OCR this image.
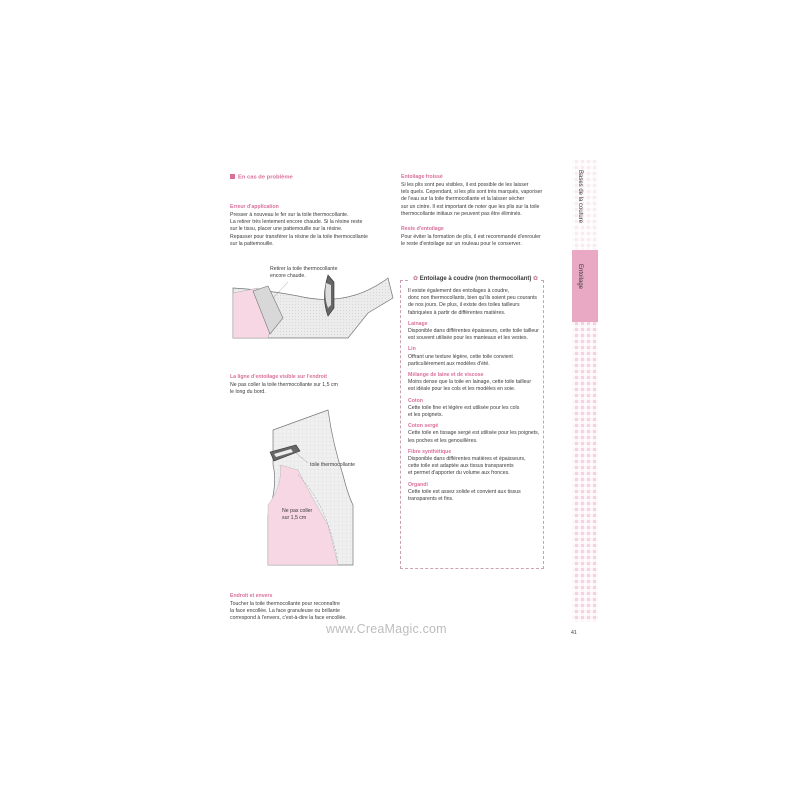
En cas de problème
Erreur d'application

Presser à nouveau le fer sur la toile thermocollante.

La retirer très lentement encore chaude. Si la résine reste

sur le tissu, placer une pattemouille sur la résine.

Repasser pour transférer la résine de la toile thermocollante

sur la pattemouille.

Retirer la toile thermocollante
encore chaude.
La ligne d'entoilage visible sur l'endroit

Ne pas coller la toile thermocollante sur 1,5 cm

le long du bord.

toile thermocollante
Ne pas coller
sur 1,5 cm
Endroit et envers

Toucher la toile thermocollante pour reconnaître

la face encollée. La face granuleuse ou brillante

correspond à l'envers, c'est-à-dire la face encollée.

Entoilage froissé

Si les plis sont peu visibles, il est possible de les laisser

tels quels. Cependant, si les plis sont très marqués, vaporiser

de l'eau sur la toile thermocollante et la laisser sécher

sur un cintre. Il est important de noter que les plis sur la toile

thermocollante initiaux ne peuvent pas être éliminés.

Reste d'entoilage

Pour éviter la formation de plis, il est recommandé d'enrouler

le reste d'entoilage sur un rouleau pour le conserver.

✿ Entoilage à coudre (non thermocollant) ✿

Il existe également des entoilages à coudre,

donc non thermocollants, bien qu'ils soient peu courants

de nos jours. De plus, il existe des toiles tailleurs

fabriquées à partir de différentes matières.

Lainage

Disponible dans différentes épaisseurs, cette toile tailleur

est souvent utilisée pour les manteaux et les vestes.

Lin

Offrant une texture légère, cette toile convient

particulièrement aux modèles d'été.

Mélange de laine et de viscose

Moins dense que la toile en lainage, cette toile tailleur

est idéale pour les cols et les modèles en soie.

Coton

Cette toile fine et légère est utilisée pour les cols

et les poignets.

Coton sergé

Cette toile en tissage sergé est utilisée pour les poignets,

les poches et les genouillères.

Fibre synthétique

Disponible dans différentes matières et épaisseurs,

cette toile est adaptée aux tissus transparents

et permet d'apporter du volume aux fronces.

Organdi

Cette toile est assez solide et convient aux tissus

transparents et fins.

Bases de la couture
Entoilage
41
www.CreaMagic.com
